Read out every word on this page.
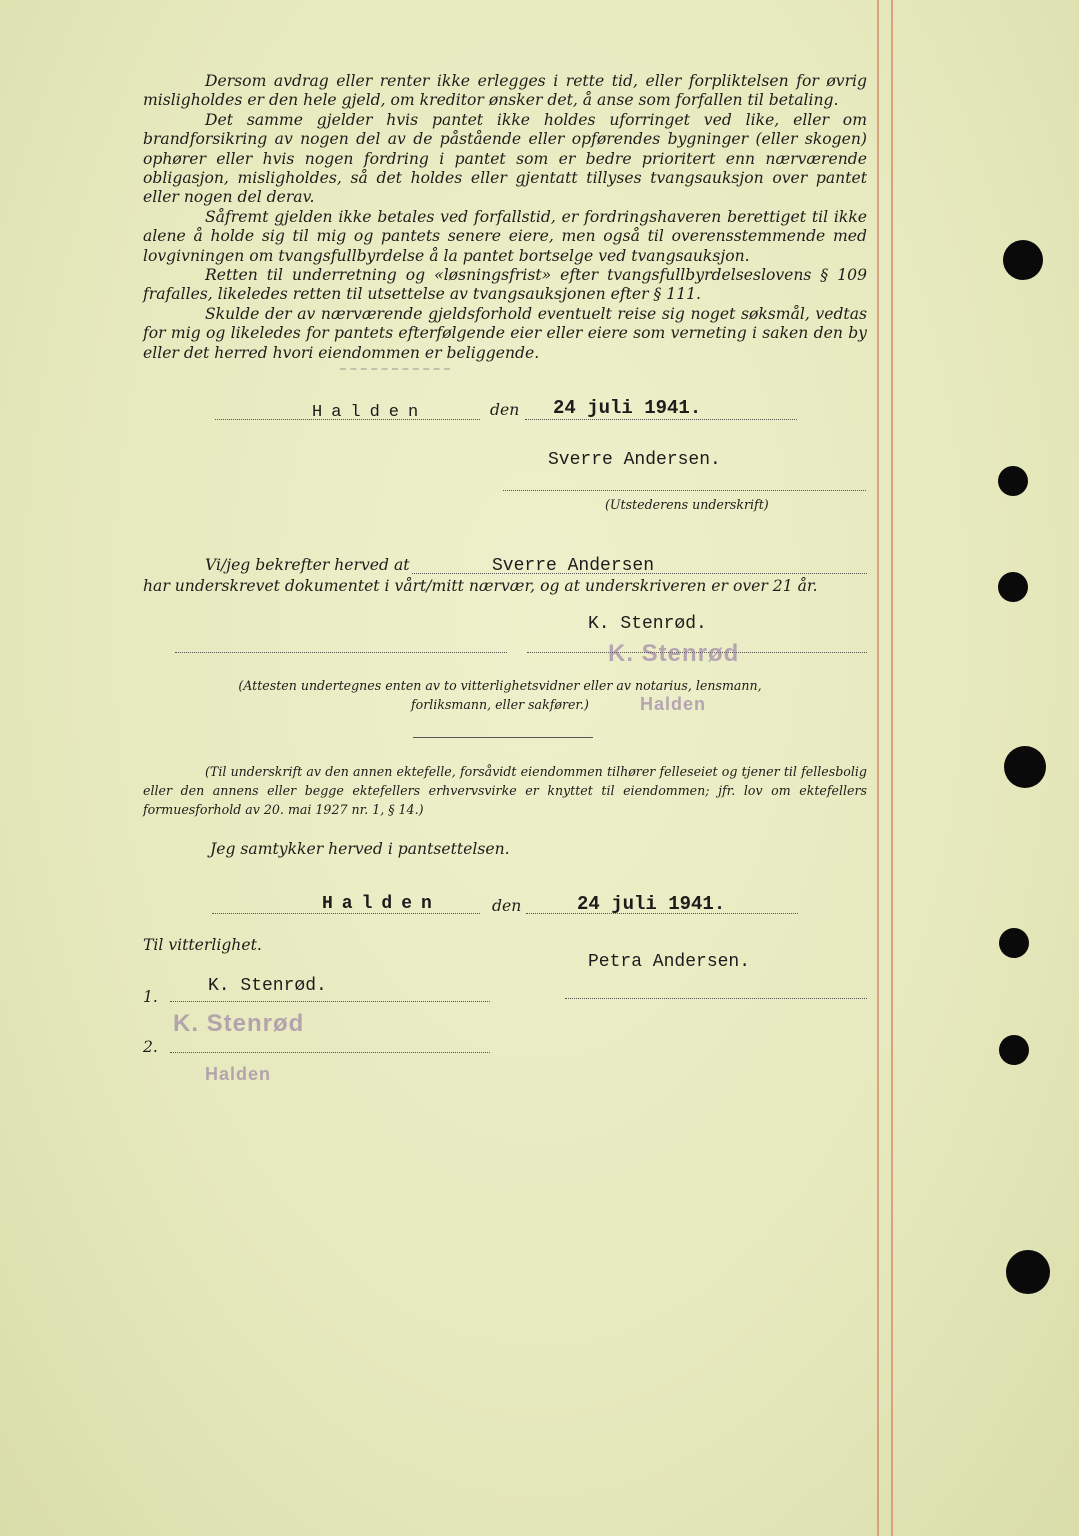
Dersom avdrag eller renter ikke erlegges i rette tid, eller forpliktelsen for øvrig misligholdes er den hele gjeld, om kreditor ønsker det, å anse som forfallen til betaling.

Det samme gjelder hvis pantet ikke holdes uforringet ved like, eller om brandforsikring av nogen del av de påstående eller opførendes bygninger (eller skogen) ophører eller hvis nogen fordring i pantet som er bedre prioritert enn nærværende obligasjon, misligholdes, så det holdes eller gjentatt tillyses tvangsauksjon over pantet eller nogen del derav.

Såfremt gjelden ikke betales ved forfallstid, er fordringshaveren berettiget til ikke alene å holde sig til mig og pantets senere eiere, men også til overensstemmende med lovgivningen om tvangsfullbyrdelse å la pantet bortselge ved tvangsauksjon.

Retten til underretning og «løsningsfrist» efter tvangsfullbyrdelseslovens § 109 frafalles, likeledes retten til utsettelse av tvangsauksjonen efter § 111.

Skulde der av nærværende gjeldsforhold eventuelt reise sig noget søksmål, vedtas for mig og likeledes for pantets efterfølgende eier eller eiere som verneting i saken den by eller det herred hvori eiendommen er beliggende.

Halden	den 24 juli 1941.
Sverre Andersen.
(Utstederens underskrift)
Vi/jeg bekrefter herved at	Sverre Andersen
har underskrevet dokumentet i vårt/mitt nærvær, og at underskriveren er over 21 år.
K. Stenrød.
K. Stenrød
Halden
(Attesten undertegnes enten av to vitterlighetsvidner eller av notarius, lensmann, forliksmann, eller sakfører.)
(Til underskrift av den annen ektefelle, forsåvidt eiendommen tilhører felleseiet og tjener til fellesbolig eller den annens eller begge ektefellers erhvervsvirke er knyttet til eiendommen; jfr. lov om ektefellers formuesforhold av 20. mai 1927 nr. 1, § 14.)
Jeg samtykker herved i pantsettelsen.
Halden	den	24 juli 1941.
Til vitterlighet.
Petra Andersen.
1.
K. Stenrød.
2.
K. Stenrød
Halden
